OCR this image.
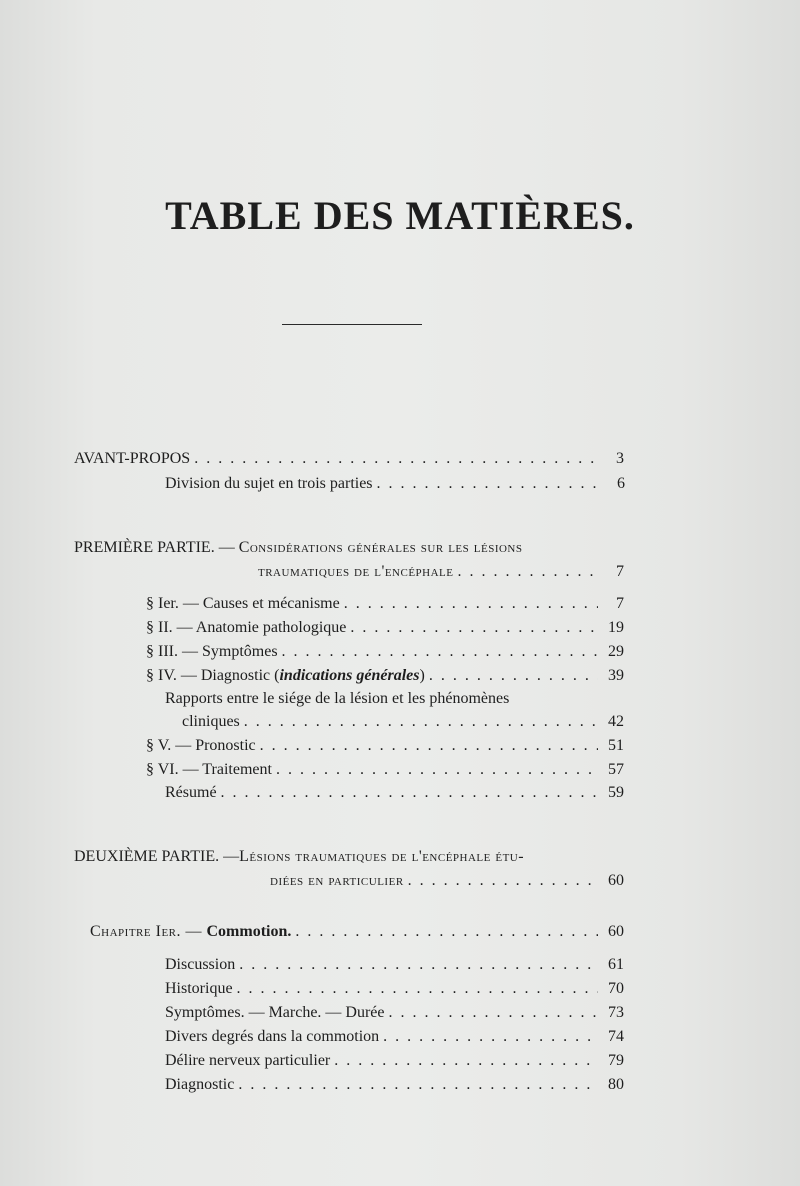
TABLE DES MATIÈRES.
AVANT-PROPOS . . .	3
Division du sujet en trois parties . . .	6
PREMIÈRE PARTIE. — Considérations générales sur les lésions
traumatiques de l'encéphale . . .	7
§ Ier. — Causes et mécanisme . . .	7
§ II. — Anatomie pathologique . . .	19
§ III. — Symptômes . . .	29
§ IV. — Diagnostic (indications générales) . . .	39
Rapports entre le siége de la lésion et les phénomènes
cliniques . . .	42
§ V. — Pronostic . . .	51
§ VI. — Traitement . . .	57
Résumé . . .	59
DEUXIÈME PARTIE. —Lésions traumatiques de l'encéphale étu-
diées en particulier . . .	60
Chapitre Ier. — Commotion. . . .	60
Discussion . . .	61
Historique . . .	70
Symptômes. — Marche. — Durée . . .	73
Divers degrés dans la commotion . . .	74
Délire nerveux particulier . . .	79
Diagnostic . . .	80
